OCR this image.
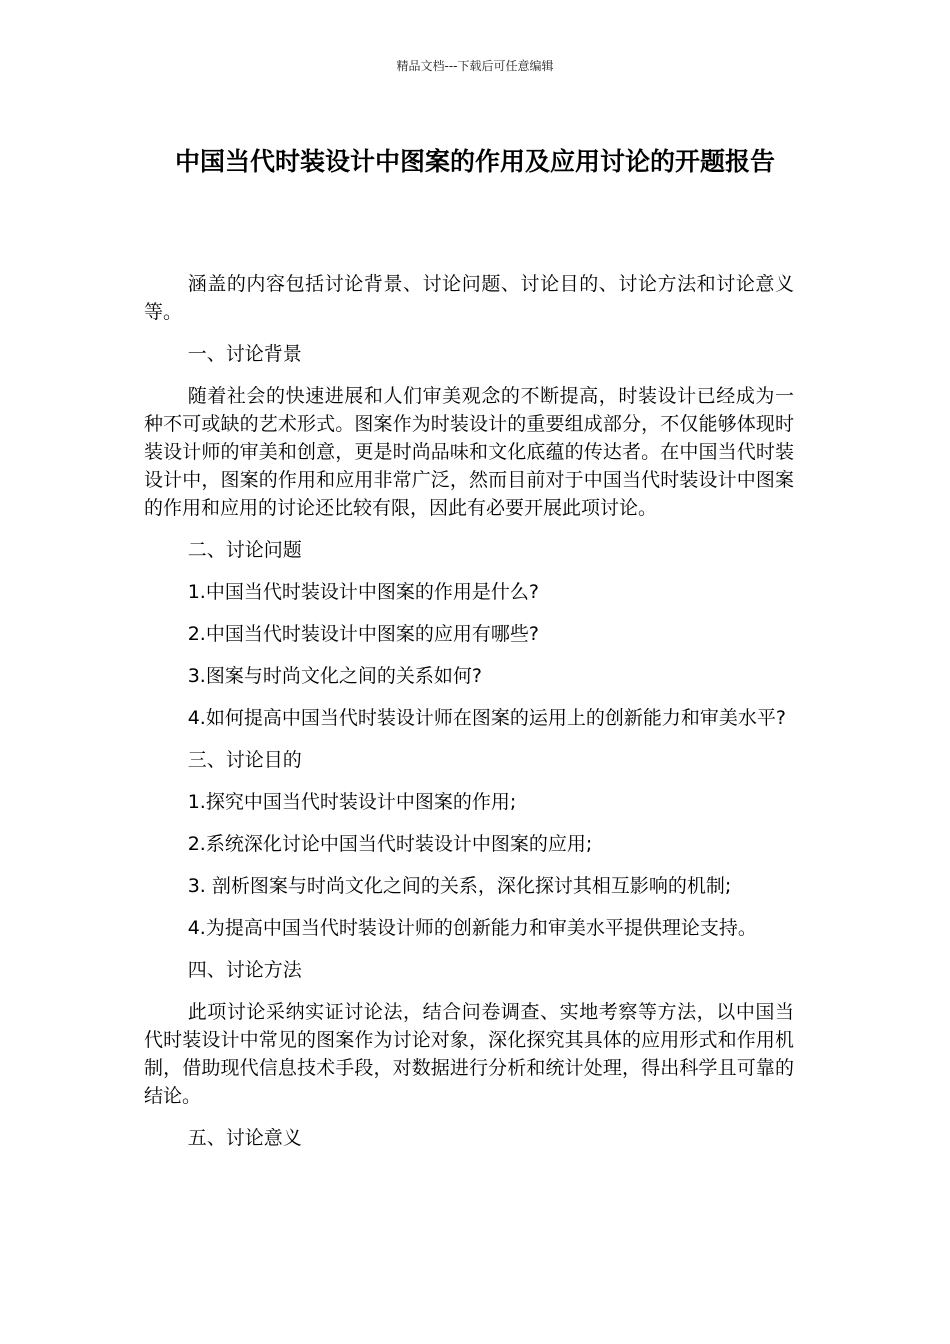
精品文档---下载后可任意编辑
中国当代时装设计中图案的作用及应用讨论的开题报告

涵盖的内容包括讨论背景、讨论问题、讨论目的、讨论方法和讨论意义等。

一、讨论背景

随着社会的快速进展和人们审美观念的不断提高，时装设计已经成为一种不可或缺的艺术形式。图案作为时装设计的重要组成部分，不仅能够体现时装设计师的审美和创意，更是时尚品味和文化底蕴的传达者。在中国当代时装设计中，图案的作用和应用非常广泛，然而目前对于中国当代时装设计中图案的作用和应用的讨论还比较有限，因此有必要开展此项讨论。

二、讨论问题

1.中国当代时装设计中图案的作用是什么?

2.中国当代时装设计中图案的应用有哪些?

3.图案与时尚文化之间的关系如何?

4.如何提高中国当代时装设计师在图案的运用上的创新能力和审美水平?

三、讨论目的

1.探究中国当代时装设计中图案的作用;

2.系统深化讨论中国当代时装设计中图案的应用;

3. 剖析图案与时尚文化之间的关系，深化探讨其相互影响的机制;

4.为提高中国当代时装设计师的创新能力和审美水平提供理论支持。

四、讨论方法

此项讨论采纳实证讨论法，结合问卷调查、实地考察等方法，以中国当代时装设计中常见的图案作为讨论对象，深化探究其具体的应用形式和作用机制，借助现代信息技术手段，对数据进行分析和统计处理，得出科学且可靠的结论。

五、讨论意义
